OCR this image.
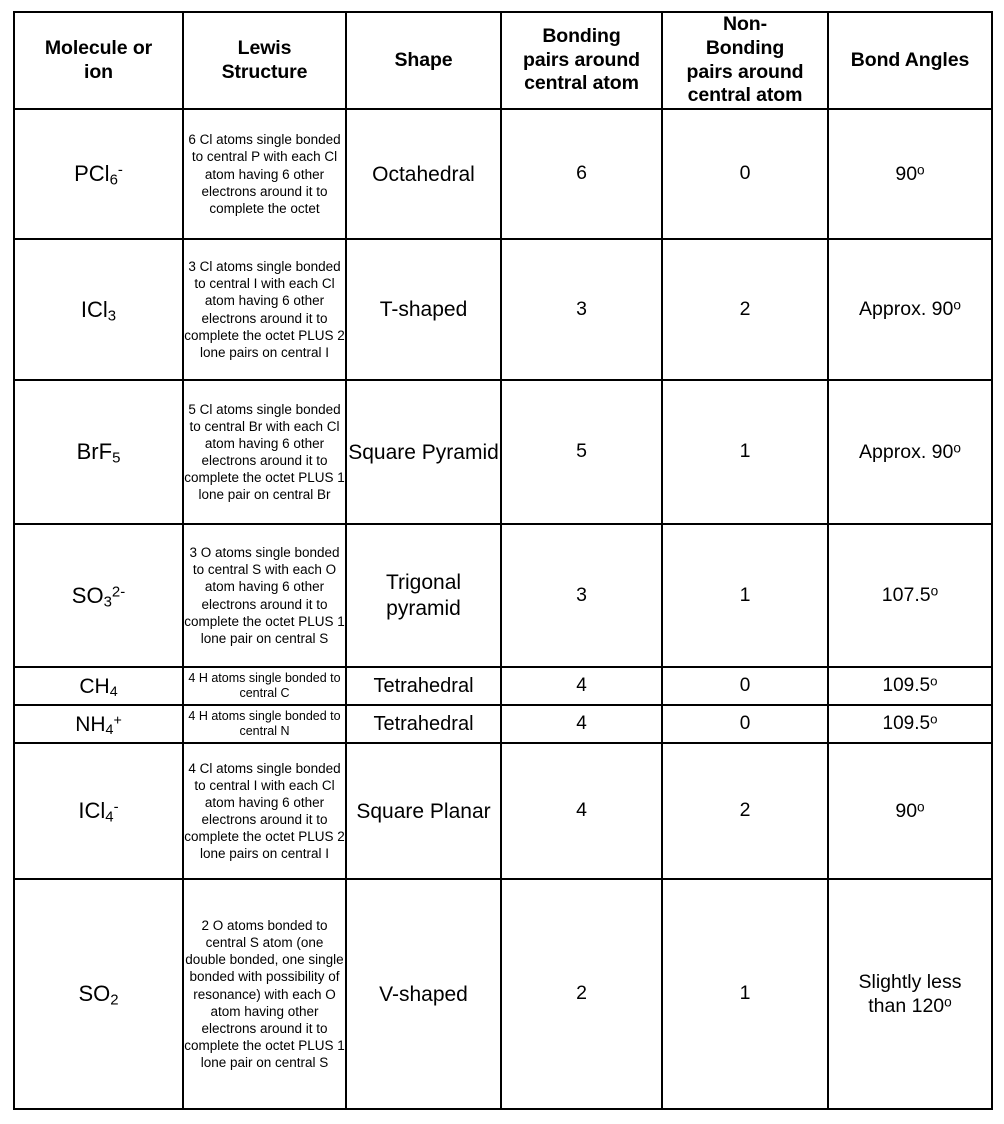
Molecule or
ion	Lewis
Structure	Shape	Bonding
pairs around
central atom	Non-
Bonding
pairs around
central atom	Bond Angles

PCl$_6$-	6 Cl atoms single bonded to central P with each Cl atom having 6 other electrons around it to complete the octet	Octahedral	6	0	90$^o$
ICl$_3$	3 Cl atoms single bonded to central I with each Cl atom having 6 other electrons around it to complete the octet PLUS 2 lone pairs on central I	T-shaped	3	2	Approx. 90$^o$
BrF$_5$	5 Cl atoms single bonded to central Br with each Cl atom having 6 other electrons around it to complete the octet PLUS 1 lone pair on central Br	Square Pyramid	5	1	Approx. 90$^o$
$SO_3^{2-}$	3 O atoms single bonded to central S with each O atom having 6 other electrons around it to complete the octet PLUS 1 lone pair on central S	Trigonal pyramid	3	1	107.5$^o$
$CH_4$	4 H atoms single bonded to central C	Tetrahedral	4	0	109.5$^o$
$NH_4^+$	4 H atoms single bonded to central N	Tetrahedral	4	0	109.5$^o$
ICl$_4$-	4 Cl atoms single bonded to central I with each Cl atom having 6 other electrons around it to complete the octet PLUS 2 lone pairs on central I	Square Planar	4	2	90$^o$
$SO_2$	2 O atoms bonded to central S atom (one double bonded, one single bonded with possibility of resonance) with each O atom having other electrons around it to complete the octet PLUS 1 lone pair on central S	V-shaped	2	1	Slightly less than 120$^o$
